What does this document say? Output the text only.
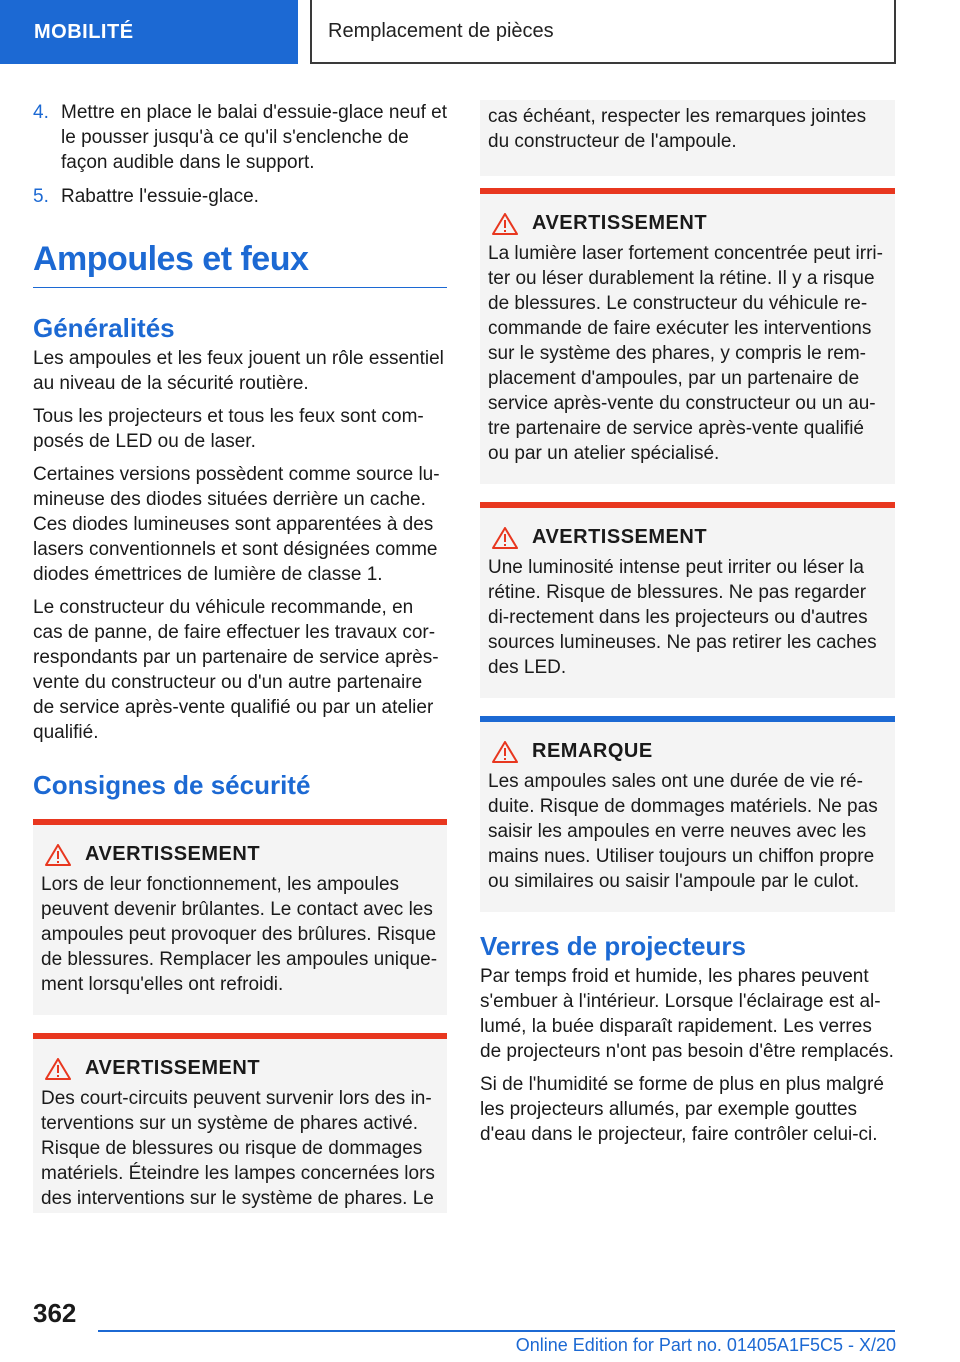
MOBILITÉ	Remplacement de pièces
4. Mettre en place le balai d'essuie-glace neuf et le pousser jusqu'à ce qu'il s'enclenche de façon audible dans le support.
5. Rabattre l'essuie-glace.
Ampoules et feux
Généralités

Les ampoules et les feux jouent un rôle essentiel au niveau de la sécurité routière.

Tous les projecteurs et tous les feux sont com‐posés de LED ou de laser.

Certaines versions possèdent comme source lu‐mineuse des diodes situées derrière un cache. Ces diodes lumineuses sont apparentées à des lasers conventionnels et sont désignées comme diodes émettrices de lumière de classe 1.

Le constructeur du véhicule recommande, en cas de panne, de faire effectuer les travaux cor‐respondants par un partenaire de service après-vente du constructeur ou d'un autre partenaire de service après-vente qualifié ou par un atelier qualifié.

Consignes de sécurité
AVERTISSEMENT

Lors de leur fonctionnement, les ampoules peuvent devenir brûlantes. Le contact avec les ampoules peut provoquer des brûlures. Risque de blessures. Remplacer les ampoules unique‐ment lorsqu'elles ont refroidi.

AVERTISSEMENT

Des court-circuits peuvent survenir lors des in‐terventions sur un système de phares activé. Risque de blessures ou risque de dommages matériels. Éteindre les lampes concernées lors des interventions sur le système de phares. Le

cas échéant, respecter les remarques jointes du constructeur de l'ampoule.

AVERTISSEMENT

La lumière laser fortement concentrée peut irri‐ter ou léser durablement la rétine. Il y a risque de blessures. Le constructeur du véhicule re‐commande de faire exécuter les interventions sur le système des phares, y compris le rem‐placement d'ampoules, par un partenaire de service après-vente du constructeur ou un au‐tre partenaire de service après-vente qualifié ou par un atelier spécialisé.

AVERTISSEMENT

Une luminosité intense peut irriter ou léser la rétine. Risque de blessures. Ne pas regarder di‐rectement dans les projecteurs ou d'autres sources lumineuses. Ne pas retirer les caches des LED.

REMARQUE

Les ampoules sales ont une durée de vie ré‐duite. Risque de dommages matériels. Ne pas saisir les ampoules en verre neuves avec les mains nues. Utiliser toujours un chiffon propre ou similaires ou saisir l'ampoule par le culot.

Verres de projecteurs

Par temps froid et humide, les phares peuvent s'embuer à l'intérieur. Lorsque l'éclairage est al‐lumé, la buée disparaît rapidement. Les verres de projecteurs n'ont pas besoin d'être remplacés.

Si de l'humidité se forme de plus en plus malgré les projecteurs allumés, par exemple gouttes d'eau dans le projecteur, faire contrôler celui-ci.

362
Online Edition for Part no. 01405A1F5C5 - X/20
